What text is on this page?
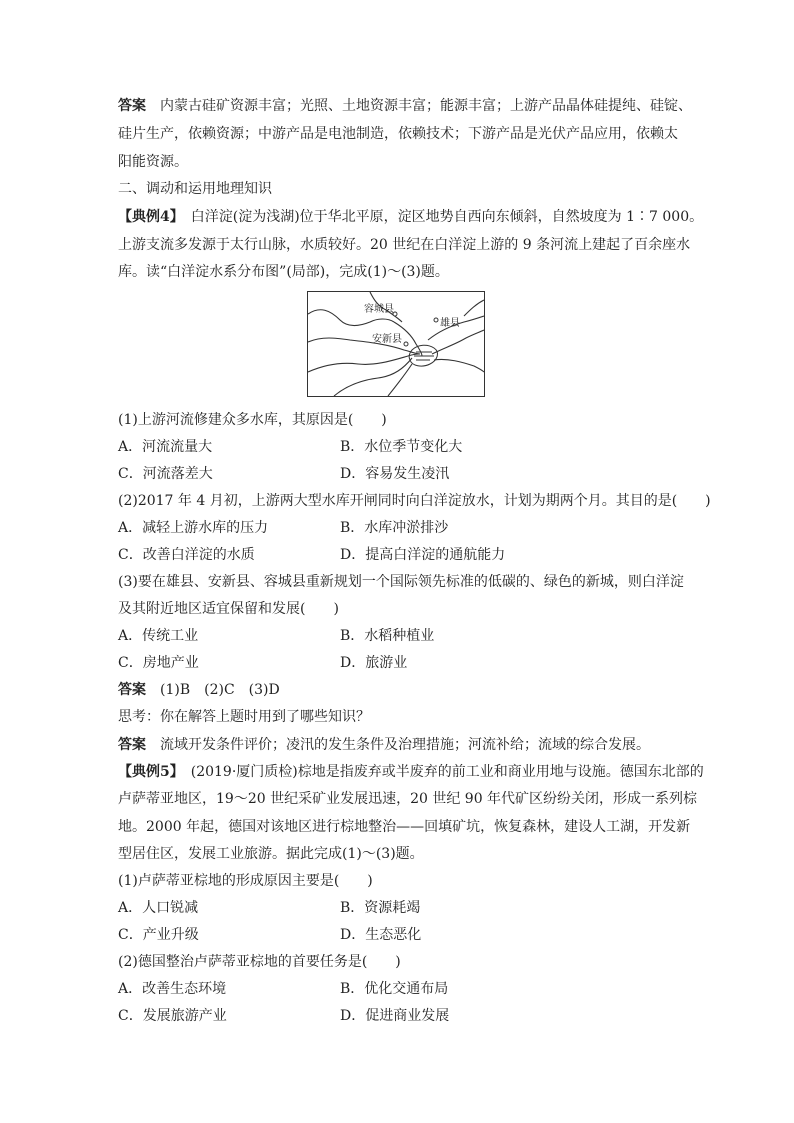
答案　 内蒙古硅矿资源丰富；光照、土地资源丰富；能源丰富；上游产品晶体硅提纯、硅锭、
硅片生产，依赖资源；中游产品是电池制造，依赖技术；下游产品是光伏产品应用，依赖太
阳能资源。
二、调动和运用地理知识
【典例4】　 白洋淀(淀为浅湖)位于华北平原，淀区地势自西向东倾斜，自然坡度为 1∶7 000。
上游支流多发源于太行山脉，水质较好。20 世纪在白洋淀上游的 9 条河流上建起了百余座水
库。读“白洋淀水系分布图”(局部)，完成(1)～(3)题。
容城县
雄县
安新县
(1)上游河流修建众多水库，其原因是(　　)
A．河流流量大	B．水位季节变化大
C．河流落差大	D．容易发生凌汛
(2)2017 年 4 月初，上游两大型水库开闸同时向白洋淀放水，计划为期两个月。其目的是(　　)
A．减轻上游水库的压力	B．水库冲淤排沙
C．改善白洋淀的水质	D．提高白洋淀的通航能力
(3)要在雄县、安新县、容城县重新规划一个国际领先标准的低碳的、绿色的新城，则白洋淀
及其附近地区适宜保留和发展(　　)
A．传统工业	B．水稻种植业
C．房地产业	D．旅游业
答案　 (1)B　(2)C　(3)D
思考：你在解答上题时用到了哪些知识？
答案　 流域开发条件评价；凌汛的发生条件及治理措施；河流补给；流域的综合发展。
【典例5】　 (2019·厦门质检)棕地是指废弃或半废弃的前工业和商业用地与设施。德国东北部的
卢萨蒂亚地区，19～20 世纪采矿业发展迅速，20 世纪 90 年代矿区纷纷关闭，形成一系列棕
地。2000 年起，德国对该地区进行棕地整治——回填矿坑，恢复森林，建设人工湖，开发新
型居住区，发展工业旅游。据此完成(1)～(3)题。
(1)卢萨蒂亚棕地的形成原因主要是(　　)
A．人口锐减	B．资源耗竭
C．产业升级	D．生态恶化
(2)德国整治卢萨蒂亚棕地的首要任务是(　　)
A．改善生态环境	B．优化交通布局
C．发展旅游产业	D．促进商业发展
